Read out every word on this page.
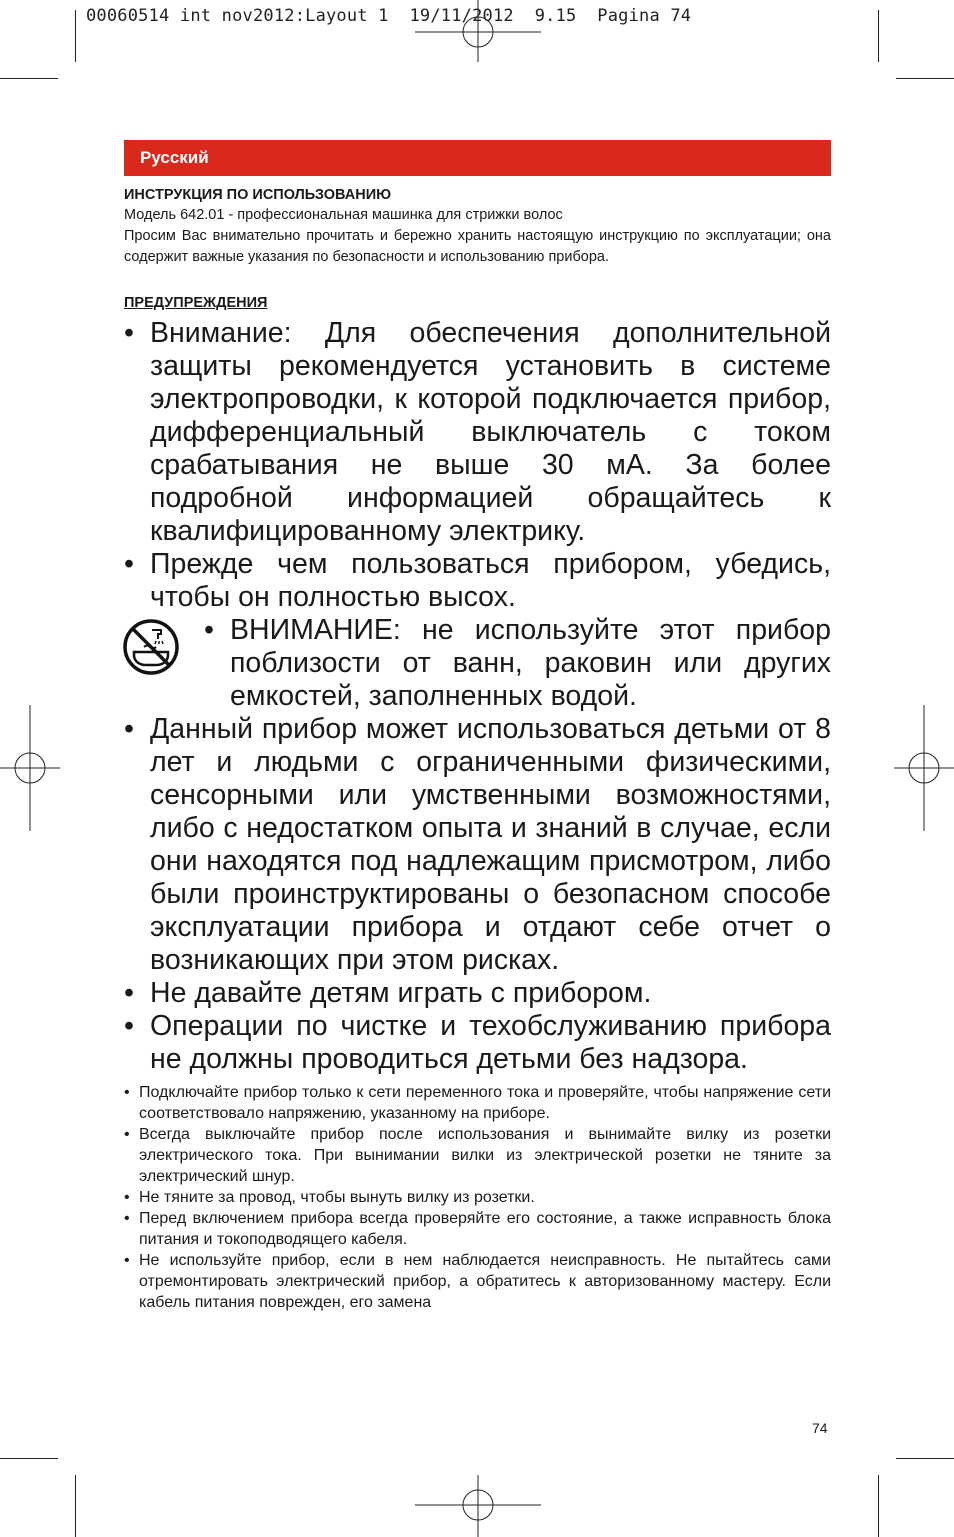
00060514 int nov2012:Layout 1  19/11/2012  9.15  Pagina 74
Русский

ИНСТРУКЦИЯ ПО ИСПОЛЬЗОВАНИЮ

Модель 642.01 - профессиональная машинка для стрижки волос

Просим Вас внимательно прочитать и бережно хранить настоящую инструкцию по эксплуатации; она содержит важные указания по безопасности и использованию прибора.

ПРЕДУПРЕЖДЕНИЯ

• Внимание: Для обеспечения дополнительной защиты рекомендуется установить в системе электропроводки, к которой подключается прибор, дифференциальный выключатель с током срабатывания не выше 30 мА. За более подробной информацией обращайтесь к квалифицированному электрику.
• Прежде чем пользоваться прибором, убедись, чтобы он полностью высох.
• ВНИМАНИЕ: не используйте этот прибор поблизости от ванн, раковин или других емкостей, заполненных водой.
• Данный прибор может использоваться детьми от 8 лет и людьми с ограниченными физическими, сенсорными или умственными возможностями, либо с недостатком опыта и знаний в случае, если они находятся под надлежащим присмотром, либо были проинструктированы о безопасном способе эксплуатации прибора и отдают себе отчет о возникающих при этом рисках.
• Не давайте детям играть с прибором.
• Операции по чистке и техобслуживанию прибора не должны проводиться детьми без надзора.
• Подключайте прибор только к сети переменного тока и проверяйте, чтобы напряжение сети соответствовало напряжению, указанному на приборе.
• Всегда выключайте прибор после использования и вынимайте вилку из розетки электрического тока. При вынимании вилки из электрической розетки не тяните за электрический шнур.
• Не тяните за провод, чтобы вынуть вилку из розетки.
• Перед включением прибора всегда проверяйте его состояние, а также исправность блока питания и токоподводящего кабеля.
• Не используйте прибор, если в нем наблюдается неисправность. Не пытайтесь сами отремонтировать электрический прибор, а обратитесь к авторизованному мастеру. Если кабель питания поврежден, его замена
74
